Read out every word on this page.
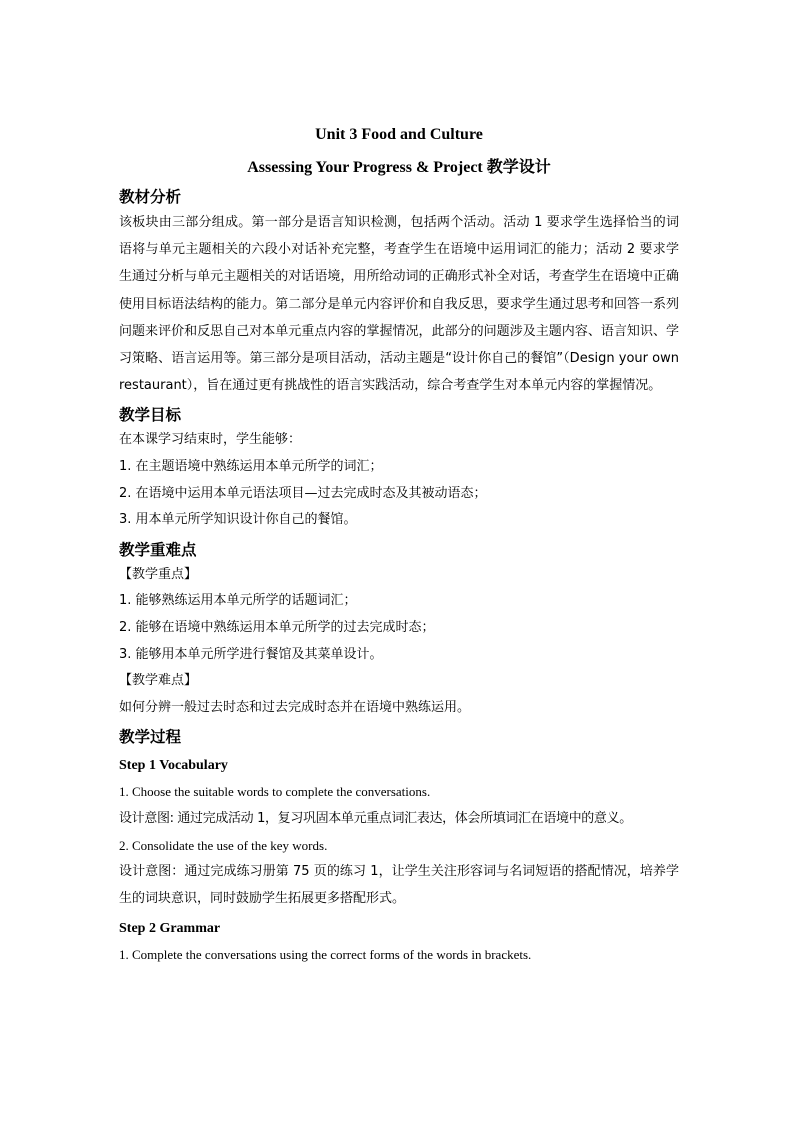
Unit 3 Food and Culture

Assessing Your Progress & Project 教学设计

教材分析

该板块由三部分组成。第一部分是语言知识检测，包括两个活动。活动 1 要求学生选择恰当的词语将与单元主题相关的六段小对话补充完整，考查学生在语境中运用词汇的能力；活动 2 要求学生通过分析与单元主题相关的对话语境，用所给动词的正确形式补全对话，考查学生在语境中正确使用目标语法结构的能力。第二部分是单元内容评价和自我反思，要求学生通过思考和回答一系列问题来评价和反思自己对本单元重点内容的掌握情况，此部分的问题涉及主题内容、语言知识、学习策略、语言运用等。第三部分是项目活动，活动主题是“设计你自己的餐馆”（Design your own restaurant），旨在通过更有挑战性的语言实践活动，综合考查学生对本单元内容的掌握情况。

教学目标

在本课学习结束时，学生能够：

1. 在主题语境中熟练运用本单元所学的词汇；

2. 在语境中运用本单元语法项目—过去完成时态及其被动语态；

3. 用本单元所学知识设计你自己的餐馆。

教学重难点

【教学重点】

1. 能够熟练运用本单元所学的话题词汇；

2. 能够在语境中熟练运用本单元所学的过去完成时态；

3. 能够用本单元所学进行餐馆及其菜单设计。

【教学难点】

如何分辨一般过去时态和过去完成时态并在语境中熟练运用。

教学过程
Step 1 Vocabulary

1. Choose the suitable words to complete the conversations.

设计意图: 通过完成活动 1，复习巩固本单元重点词汇表达，体会所填词汇在语境中的意义。

2. Consolidate the use of the key words.

设计意图：通过完成练习册第 75 页的练习 1，让学生关注形容词与名词短语的搭配情况，培养学生的词块意识，同时鼓励学生拓展更多搭配形式。

Step 2 Grammar

1. Complete the conversations using the correct forms of the words in brackets.
